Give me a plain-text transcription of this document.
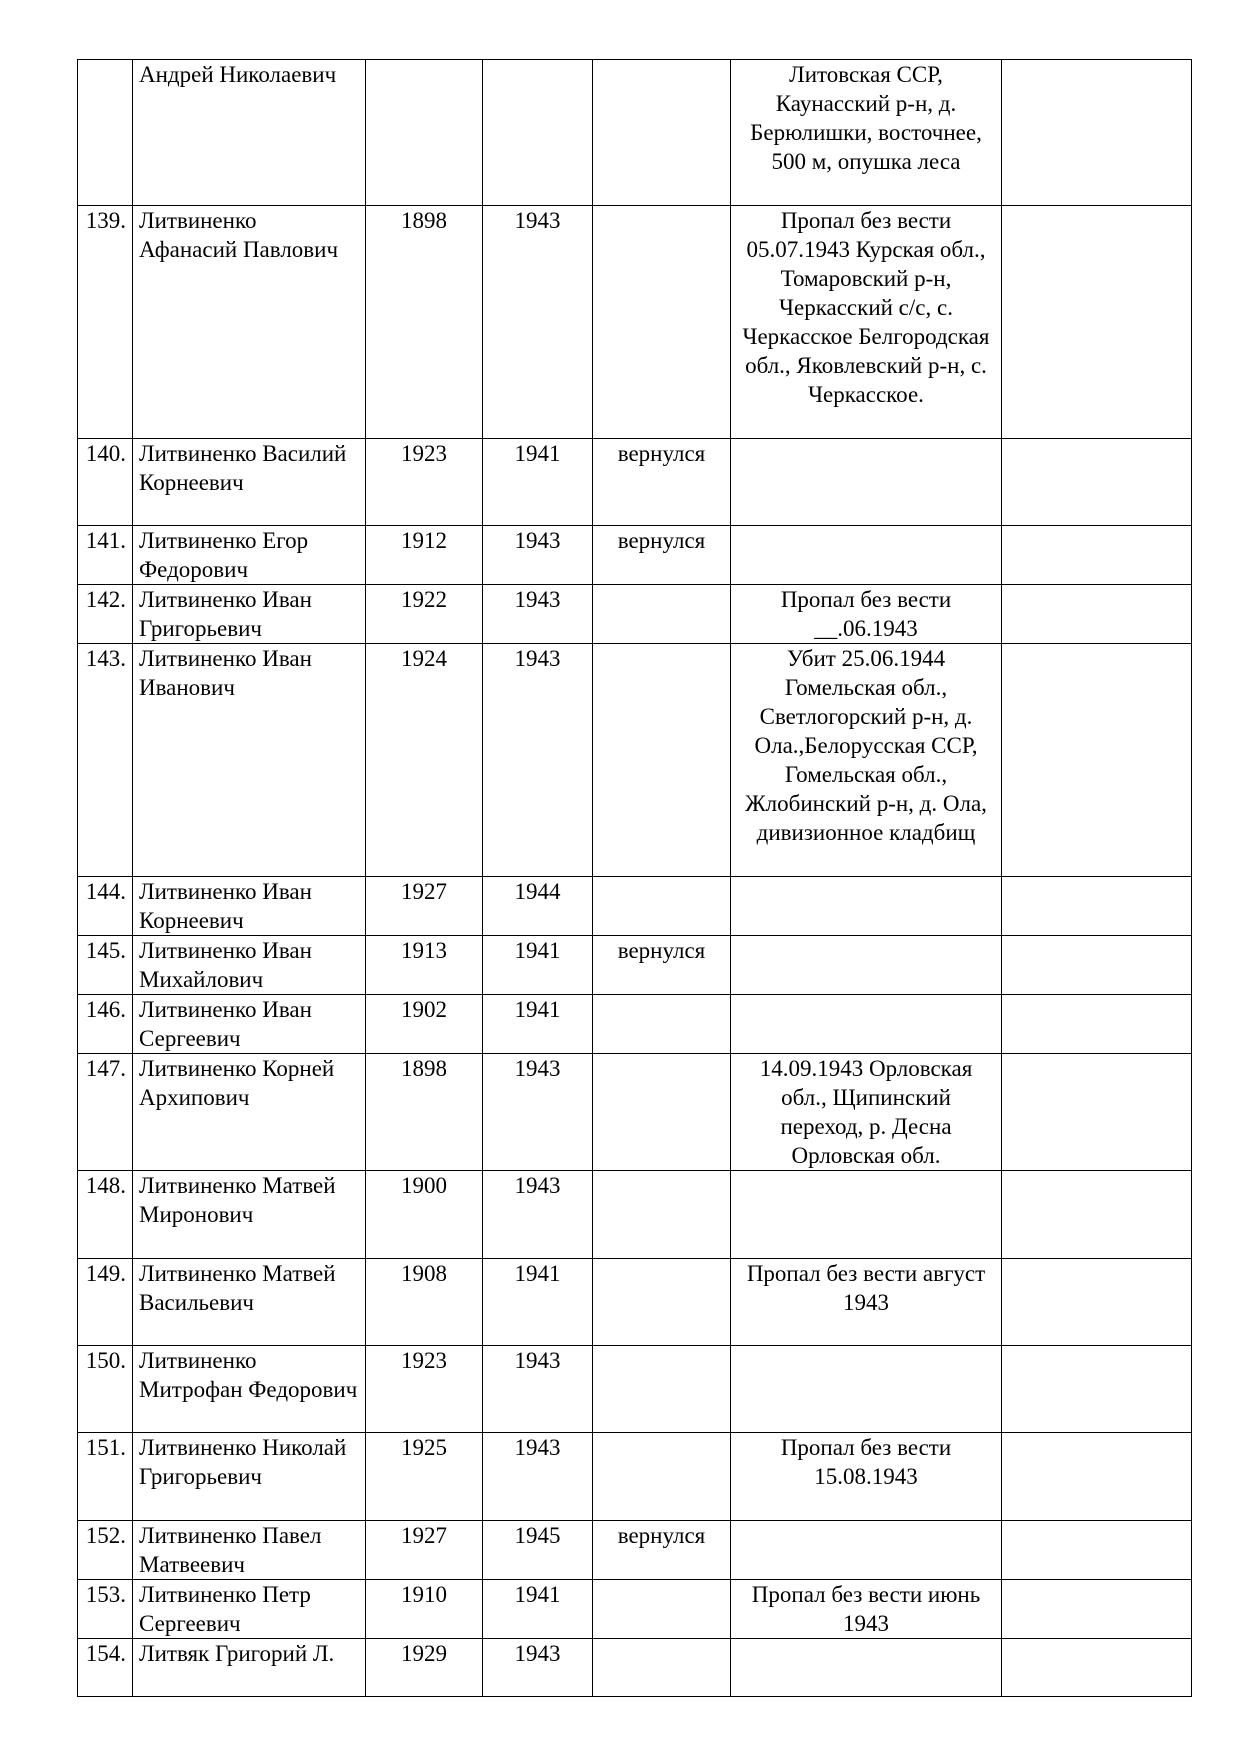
	Андрей Николаевич				Литовская ССР, Каунасский р-н, д. Берюлишки, восточнее, 500 м, опушка леса	
139.	Литвиненко Афанасий Павлович	1898	1943		Пропал без вести 05.07.1943 Курская обл., Томаровский р-н, Черкасский с/с, с. Черкасское Белгородская обл., Яковлевский р-н, с. Черкасское.	
140.	Литвиненко Василий Корнеевич	1923	1941	вернулся		
141.	Литвиненко Егор Федорович	1912	1943	вернулся		
142.	Литвиненко Иван Григорьевич	1922	1943		Пропал без вести __.06.1943	
143.	Литвиненко Иван Иванович	1924	1943		Убит 25.06.1944 Гомельская обл., Светлогорский р-н, д. Ола.,Белорусская ССР, Гомельская обл., Жлобинский р-н, д. Ола, дивизионное кладбищ	
144.	Литвиненко Иван Корнеевич	1927	1944			
145.	Литвиненко Иван Михайлович	1913	1941	вернулся		
146.	Литвиненко Иван Сергеевич	1902	1941			
147.	Литвиненко Корней Архипович	1898	1943		14.09.1943 Орловская обл., Щипинский переход, р. Десна Орловская обл.	
148.	Литвиненко Матвей Миронович	1900	1943			
149.	Литвиненко Матвей Васильевич	1908	1941		Пропал без вести август 1943	
150.	Литвиненко Митрофан Федорович	1923	1943			
151.	Литвиненко Николай Григорьевич	1925	1943		Пропал без вести 15.08.1943	
152.	Литвиненко Павел Матвеевич	1927	1945	вернулся		
153.	Литвиненко Петр Сергеевич	1910	1941		Пропал без вести июнь 1943	
154.	Литвяк Григорий Л.	1929	1943			
